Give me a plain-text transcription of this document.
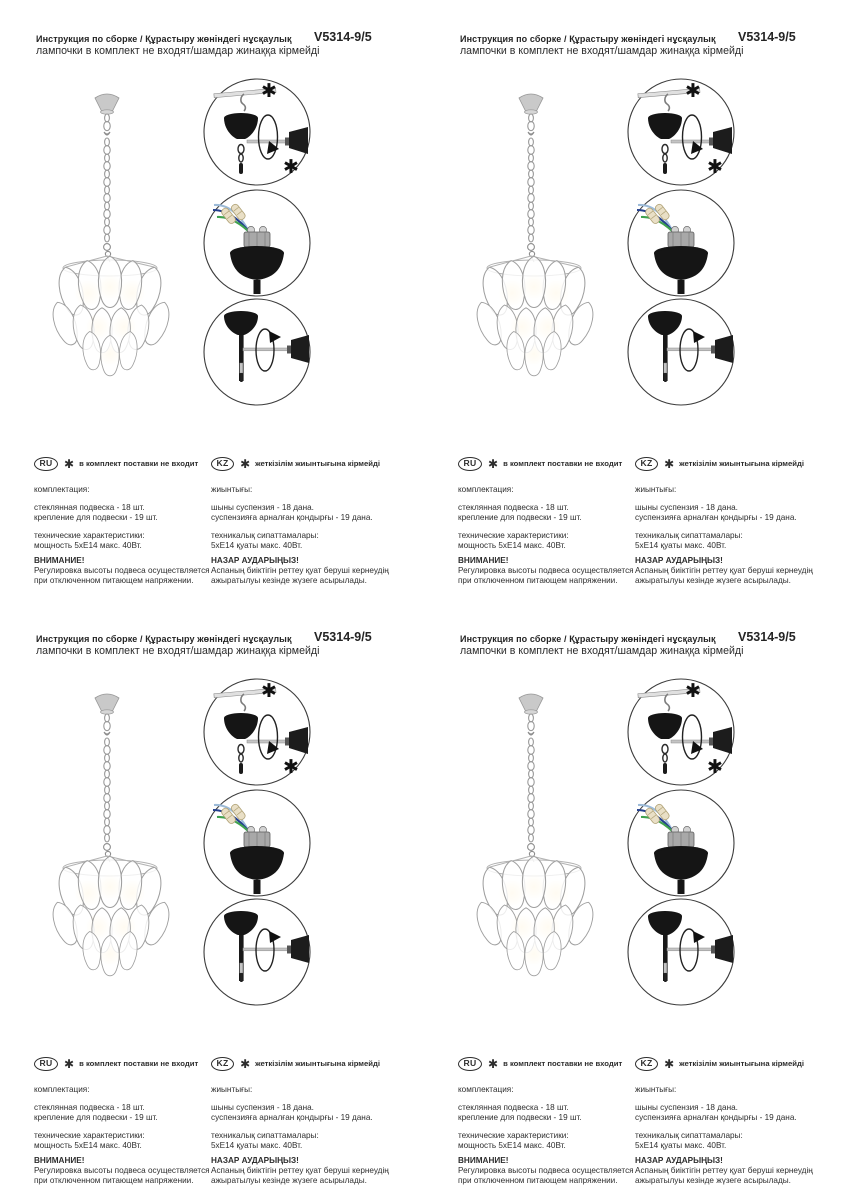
Инструкция по сборке / Құрастыру жөніндегі нұсқаулық V5314-9/5
лампочки в комплект не входят/шамдар жинаққа кірмейді
✱
✱
RU ✱ в комплект поставки не входит
комплектация:
стеклянная подвеска - 18 шт.
крепление для подвески - 19 шт.
технические характеристики:
мощность 5хЕ14 макс. 40Вт.
ВНИМАНИЕ!
Регулировка высоты подвеса осуществляется
при отключенном питающем напряжении.
KZ ✱ жеткізілім жиынтығына кірмейді
жиынтығы:
шыны суспензия - 18 дана.
суспензияға арналған қондырғы - 19 дана.
техникалық сипаттамалары:
5хЕ14 қуаты макс. 40Вт.
НАЗАР АУДАРЫҢЫЗ!
Аспаның биіктігін реттеу қуат беруші кернеудің
ажыратылуы кезінде жүзеге асырылады.
Инструкция по сборке / Құрастыру жөніндегі нұсқаулық V5314-9/5
лампочки в комплект не входят/шамдар жинаққа кірмейді
✱
✱
RU ✱ в комплект поставки не входит
комплектация:
стеклянная подвеска - 18 шт.
крепление для подвески - 19 шт.
технические характеристики:
мощность 5хЕ14 макс. 40Вт.
ВНИМАНИЕ!
Регулировка высоты подвеса осуществляется
при отключенном питающем напряжении.
KZ ✱ жеткізілім жиынтығына кірмейді
жиынтығы:
шыны суспензия - 18 дана.
суспензияға арналған қондырғы - 19 дана.
техникалық сипаттамалары:
5хЕ14 қуаты макс. 40Вт.
НАЗАР АУДАРЫҢЫЗ!
Аспаның биіктігін реттеу қуат беруші кернеудің
ажыратылуы кезінде жүзеге асырылады.
Инструкция по сборке / Құрастыру жөніндегі нұсқаулық V5314-9/5
лампочки в комплект не входят/шамдар жинаққа кірмейді
✱
✱
RU ✱ в комплект поставки не входит
комплектация:
стеклянная подвеска - 18 шт.
крепление для подвески - 19 шт.
технические характеристики:
мощность 5хЕ14 макс. 40Вт.
ВНИМАНИЕ!
Регулировка высоты подвеса осуществляется
при отключенном питающем напряжении.
KZ ✱ жеткізілім жиынтығына кірмейді
жиынтығы:
шыны суспензия - 18 дана.
суспензияға арналған қондырғы - 19 дана.
техникалық сипаттамалары:
5хЕ14 қуаты макс. 40Вт.
НАЗАР АУДАРЫҢЫЗ!
Аспаның биіктігін реттеу қуат беруші кернеудің
ажыратылуы кезінде жүзеге асырылады.
Инструкция по сборке / Құрастыру жөніндегі нұсқаулық V5314-9/5
лампочки в комплект не входят/шамдар жинаққа кірмейді
✱
✱
RU ✱ в комплект поставки не входит
комплектация:
стеклянная подвеска - 18 шт.
крепление для подвески - 19 шт.
технические характеристики:
мощность 5хЕ14 макс. 40Вт.
ВНИМАНИЕ!
Регулировка высоты подвеса осуществляется
при отключенном питающем напряжении.
KZ ✱ жеткізілім жиынтығына кірмейді
жиынтығы:
шыны суспензия - 18 дана.
суспензияға арналған қондырғы - 19 дана.
техникалық сипаттамалары:
5хЕ14 қуаты макс. 40Вт.
НАЗАР АУДАРЫҢЫЗ!
Аспаның биіктігін реттеу қуат беруші кернеудің
ажыратылуы кезінде жүзеге асырылады.
